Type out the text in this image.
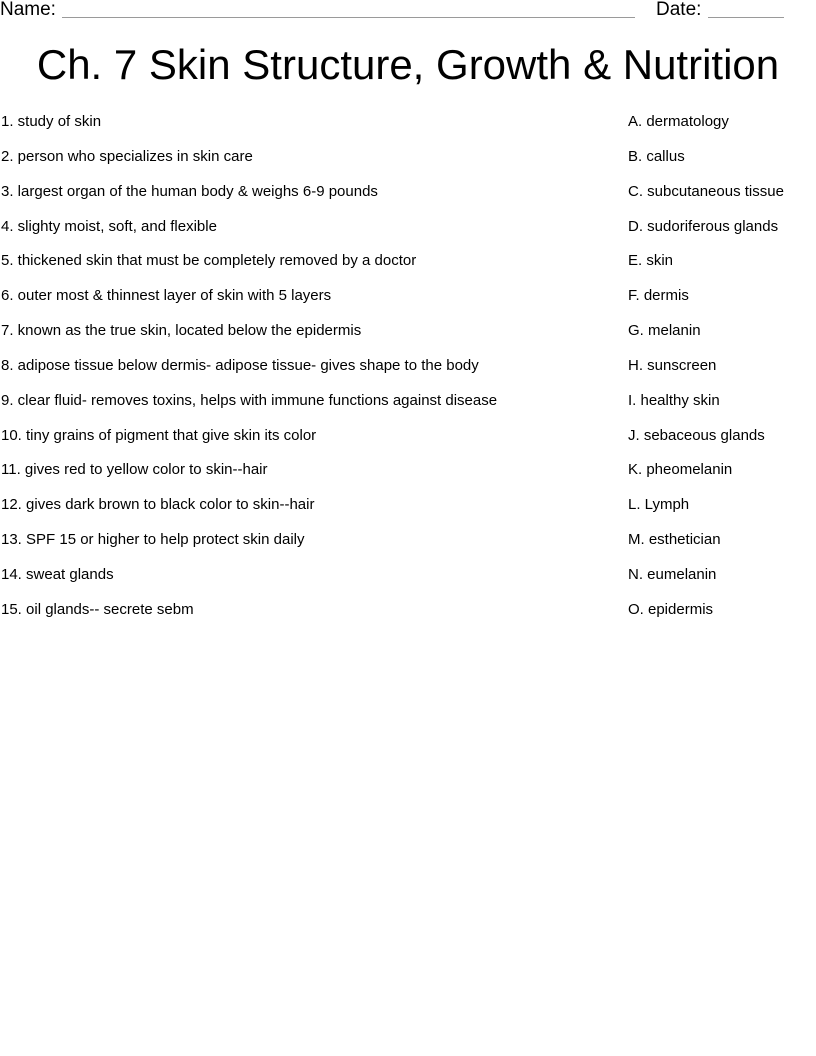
Name:	Date:
Ch. 7 Skin Structure, Growth & Nutrition
1. study of skin
2. person who specializes in skin care
3. largest organ of the human body & weighs 6-9 pounds
4. slighty moist, soft, and flexible
5. thickened skin that must be completely removed by a doctor
6. outer most & thinnest layer of skin with 5 layers
7. known as the true skin, located below the epidermis
8. adipose tissue below dermis- adipose tissue- gives shape to the body
9. clear fluid- removes toxins, helps with immune functions against disease
10. tiny grains of pigment that give skin its color
11. gives red to yellow color to skin--hair
12. gives dark brown to black color to skin--hair
13. SPF 15 or higher to help protect skin daily
14. sweat glands
15. oil glands-- secrete sebm
A. dermatology
B. callus
C. subcutaneous tissue
D. sudoriferous glands
E. skin
F. dermis
G. melanin
H. sunscreen
I. healthy skin
J. sebaceous glands
K. pheomelanin
L. Lymph
M. esthetician
N. eumelanin
O. epidermis
